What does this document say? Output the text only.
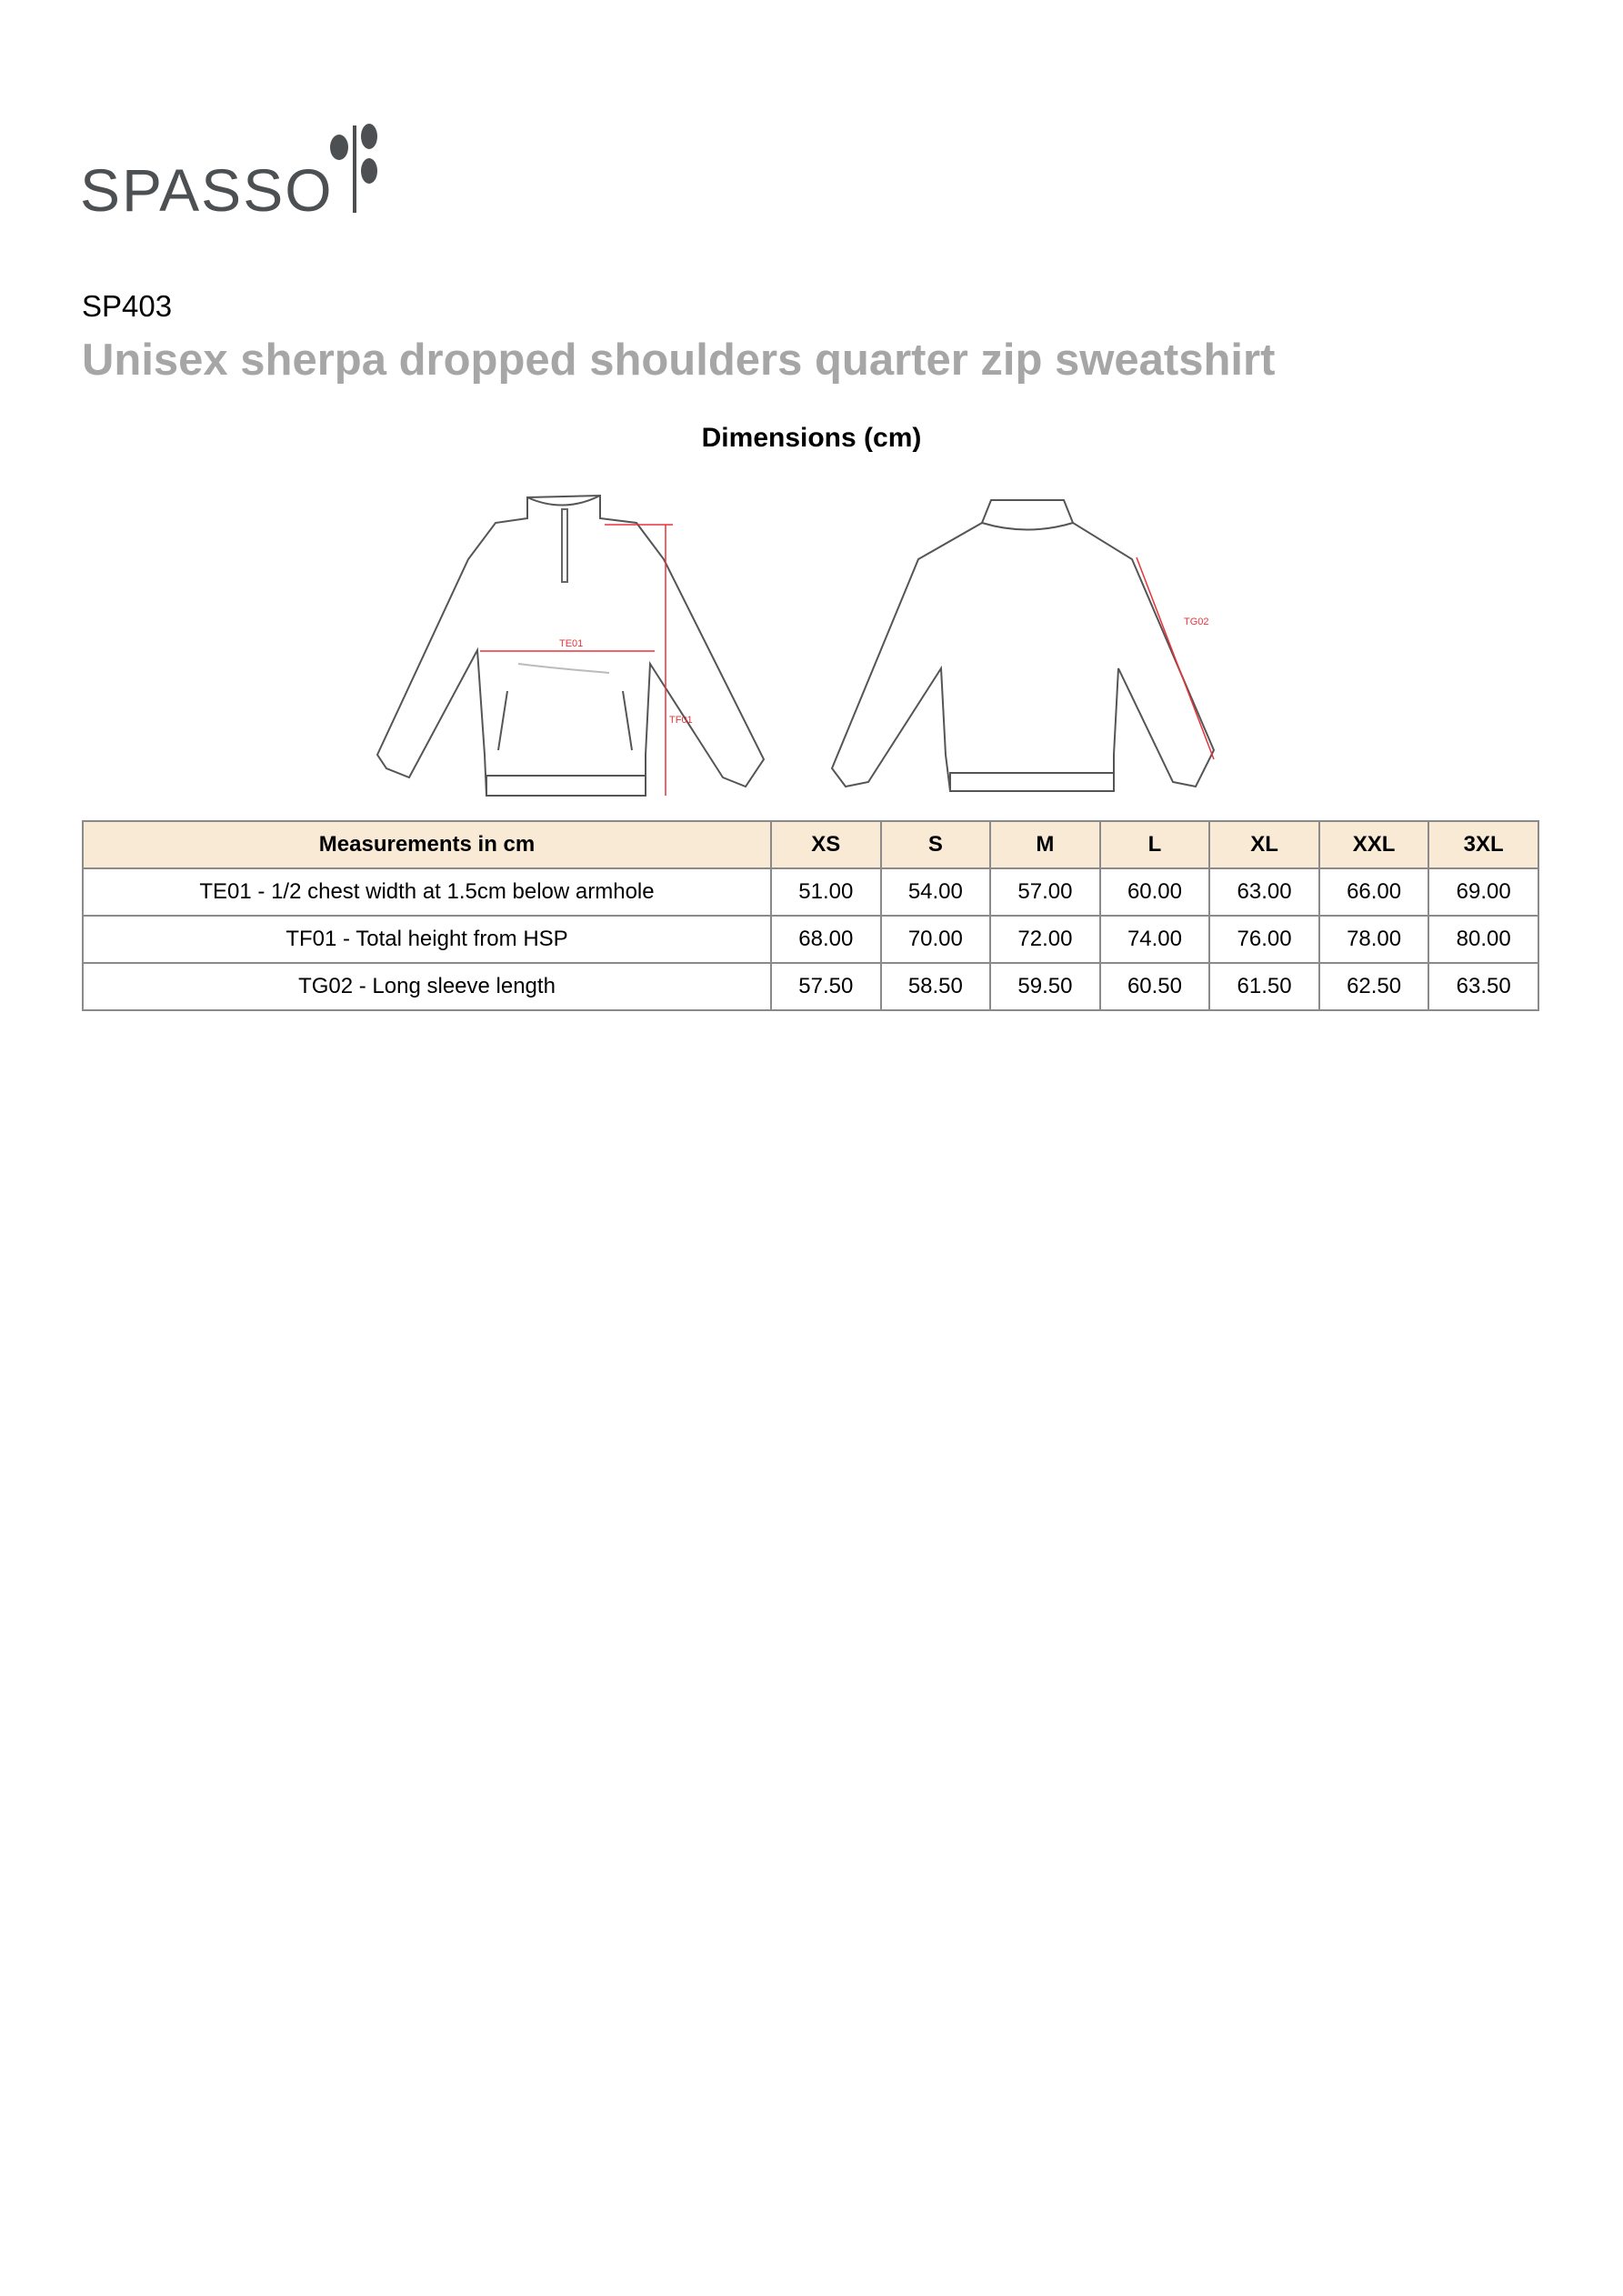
SPASSO
SP403
Unisex sherpa dropped shoulders quarter zip sweatshirt
Dimensions (cm)
TE01
TF01
TG02
Measurements in cm	XS	S	M	L	XL	XXL	3XL
TE01 - 1/2 chest width at 1.5cm below armhole	51.00	54.00	57.00	60.00	63.00	66.00	69.00
TF01 - Total height from HSP	68.00	70.00	72.00	74.00	76.00	78.00	80.00
TG02 - Long sleeve length	57.50	58.50	59.50	60.50	61.50	62.50	63.50
